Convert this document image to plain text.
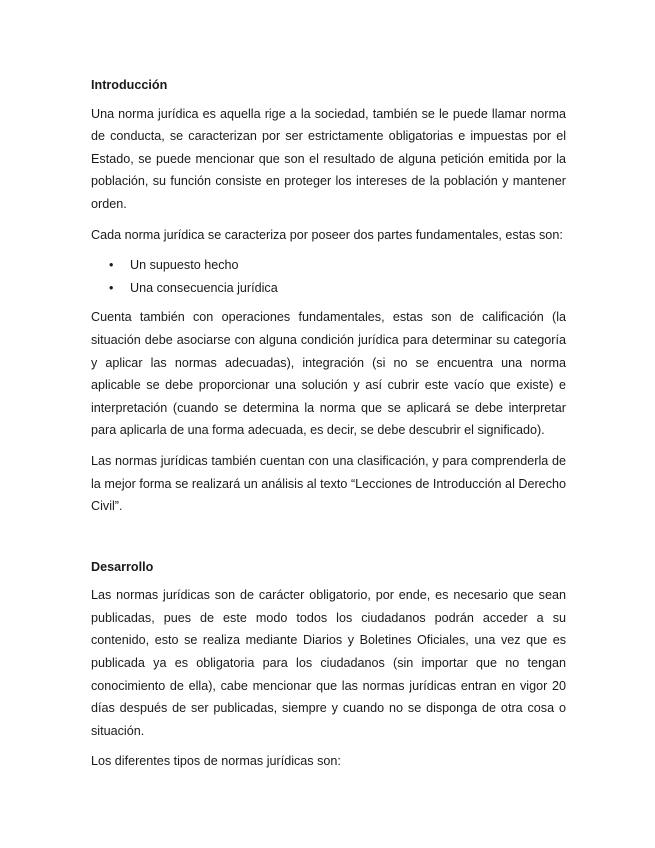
Introducción

Una norma jurídica es aquella rige a la sociedad, también se le puede llamar norma de conducta, se caracterizan por ser estrictamente obligatorias e impuestas por el Estado, se puede mencionar que son el resultado de alguna petición emitida por la población, su función consiste en proteger los intereses de la población y mantener orden.

Cada norma jurídica se caracteriza por poseer dos partes fundamentales, estas son:

• Un supuesto hecho
• Una consecuencia jurídica

Cuenta también con operaciones fundamentales, estas son de calificación (la situación debe asociarse con alguna condición jurídica para determinar su categoría y aplicar las normas adecuadas), integración (si no se encuentra una norma aplicable se debe proporcionar una solución y así cubrir este vacío que existe) e interpretación (cuando se determina la norma que se aplicará se debe interpretar para aplicarla de una forma adecuada, es decir, se debe descubrir el significado).

Las normas jurídicas también cuentan con una clasificación, y para comprenderla de la mejor forma se realizará un análisis al texto “Lecciones de Introducción al Derecho Civil”.

Desarrollo

Las normas jurídicas son de carácter obligatorio, por ende, es necesario que sean publicadas, pues de este modo todos los ciudadanos podrán acceder a su contenido, esto se realiza mediante Diarios y Boletines Oficiales, una vez que es publicada ya es obligatoria para los ciudadanos (sin importar que no tengan conocimiento de ella), cabe mencionar que las normas jurídicas entran en vigor 20 días después de ser publicadas, siempre y cuando no se disponga de otra cosa o situación.

Los diferentes tipos de normas jurídicas son:
